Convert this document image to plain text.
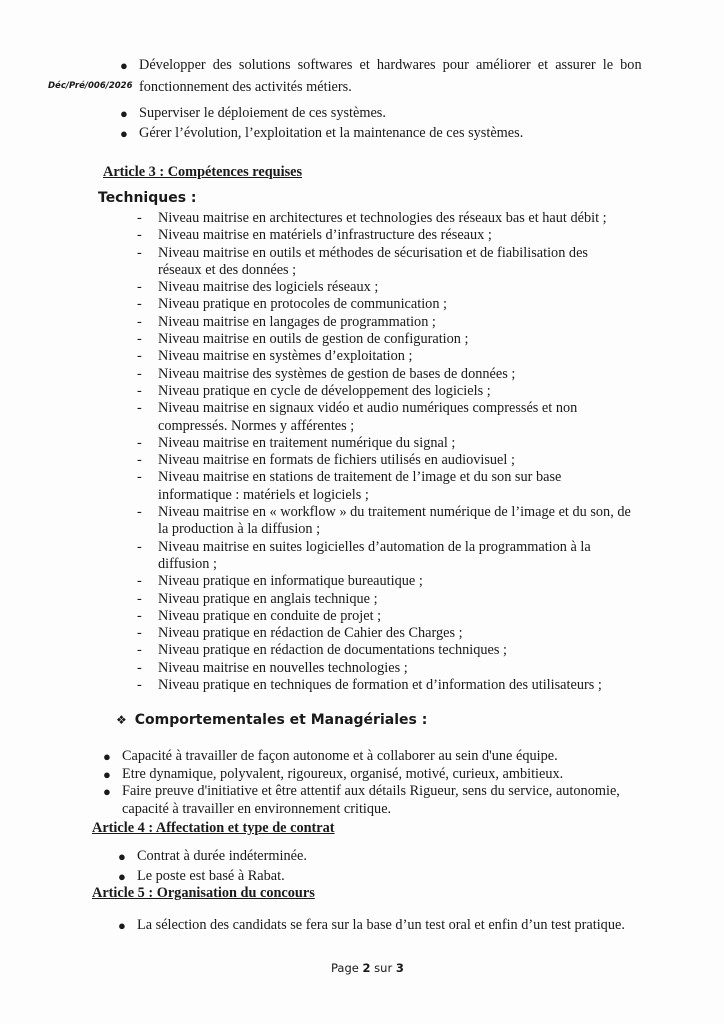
Déc/Pré/006/2026
● Développer des solutions softwares et hardwares pour améliorer et assurer le bon
fonctionnement des activités métiers.
● Superviser le déploiement de ces systèmes.
● Gérer l’évolution, l’exploitation et la maintenance de ces systèmes.
Article 3 : Compétences requises
Techniques :
- Niveau maitrise en architectures et technologies des réseaux bas et haut débit ;
- Niveau maitrise en matériels d’infrastructure des réseaux ;
- Niveau maitrise en outils et méthodes de sécurisation et de fiabilisation des
réseaux et des données ;
- Niveau maitrise des logiciels réseaux ;
- Niveau pratique en protocoles de communication ;
- Niveau maitrise en langages de programmation ;
- Niveau maitrise en outils de gestion de configuration ;
- Niveau maitrise en systèmes d’exploitation ;
- Niveau maitrise des systèmes de gestion de bases de données ;
- Niveau pratique en cycle de développement des logiciels ;
- Niveau maitrise en signaux vidéo et audio numériques compressés et non
compressés. Normes y afférentes ;
- Niveau maitrise en traitement numérique du signal ;
- Niveau maitrise en formats de fichiers utilisés en audiovisuel ;
- Niveau maitrise en stations de traitement de l’image et du son sur base
informatique : matériels et logiciels ;
- Niveau maitrise en « workflow » du traitement numérique de l’image et du son, de
la production à la diffusion ;
- Niveau maitrise en suites logicielles d’automation de la programmation à la
diffusion ;
- Niveau pratique en informatique bureautique ;
- Niveau pratique en anglais technique ;
- Niveau pratique en conduite de projet ;
- Niveau pratique en rédaction de Cahier des Charges ;
- Niveau pratique en rédaction de documentations techniques ;
- Niveau maitrise en nouvelles technologies ;
- Niveau pratique en techniques de formation et d’information des utilisateurs ;
❖ Comportementales et Managériales :
● Capacité à travailler de façon autonome et à collaborer au sein d'une équipe.
● Etre dynamique, polyvalent, rigoureux, organisé, motivé, curieux, ambitieux.
● Faire preuve d'initiative et être attentif aux détails Rigueur, sens du service, autonomie,
capacité à travailler en environnement critique.
Article 4 : Affectation et type de contrat
● Contrat à durée indéterminée.
● Le poste est basé à Rabat.
Article 5 : Organisation du concours
● La sélection des candidats se fera sur la base d’un test oral et enfin d’un test pratique.
Page 2 sur 3
